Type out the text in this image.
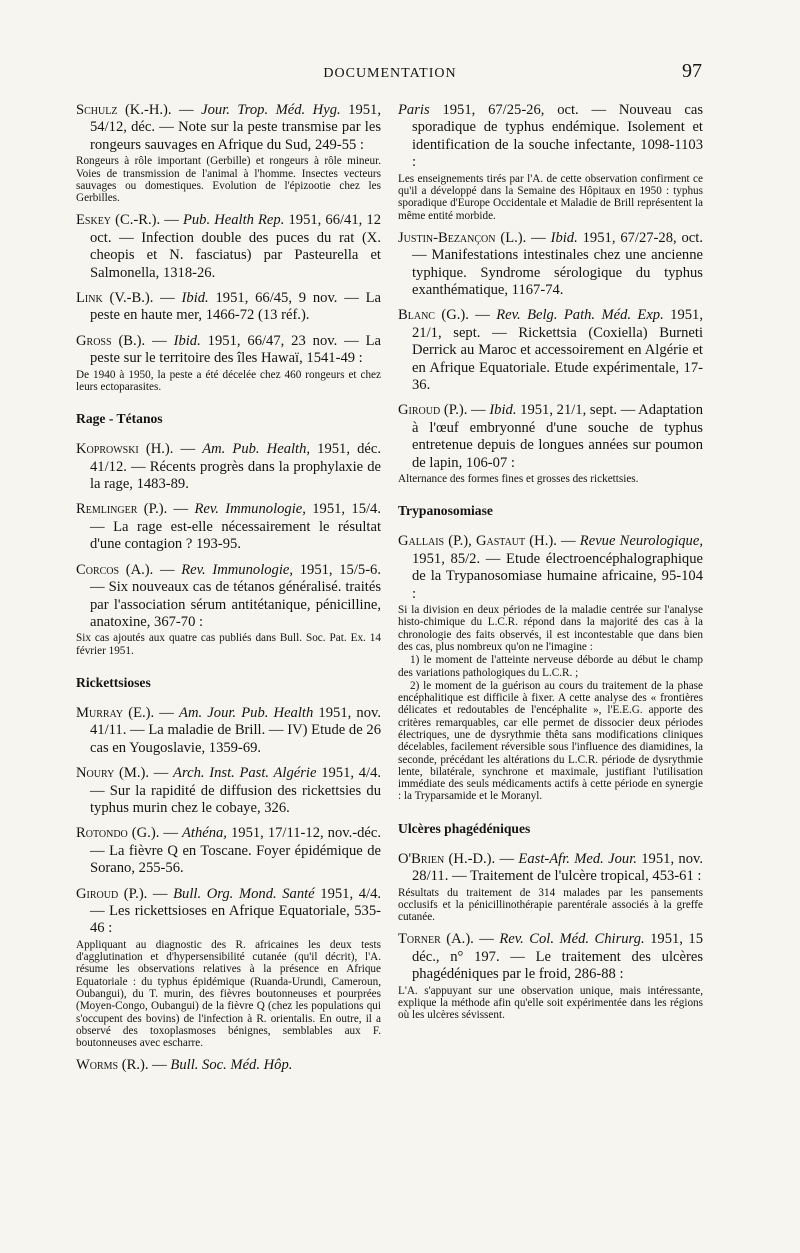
DOCUMENTATION	97
Schulz (K.-H.). — Jour. Trop. Méd. Hyg. 1951, 54/12, déc. — Note sur la peste transmise par les rongeurs sauvages en Afrique du Sud, 249-55 :
Rongeurs à rôle important (Gerbille) et rongeurs à rôle mineur. Voies de transmission de l'animal à l'homme. Insectes vecteurs sauvages ou domestiques. Evolution de l'épizootie chez les Gerbilles.
Eskey (C.-R.). — Pub. Health Rep. 1951, 66/41, 12 oct. — Infection double des puces du rat (X. cheopis et N. fasciatus) par Pasteurella et Salmonella, 1318-26.
Link (V.-B.). — Ibid. 1951, 66/45, 9 nov. — La peste en haute mer, 1466-72 (13 réf.).
Gross (B.). — Ibid. 1951, 66/47, 23 nov. — La peste sur le territoire des îles Hawaï, 1541-49 :
De 1940 à 1950, la peste a été décelée chez 460 rongeurs et chez leurs ectoparasites.
Rage - Tétanos
Koprowski (H.). — Am. Pub. Health, 1951, déc. 41/12. — Récents progrès dans la prophylaxie de la rage, 1483-89.
Remlinger (P.). — Rev. Immunologie, 1951, 15/4. — La rage est-elle nécessairement le résultat d'une contagion ? 193-95.
Corcos (A.). — Rev. Immunologie, 1951, 15/5-6. — Six nouveaux cas de tétanos généralisé. traités par l'association sérum antitétanique, pénicilline, anatoxine, 367-70 :
Six cas ajoutés aux quatre cas publiés dans Bull. Soc. Pat. Ex. 14 février 1951.
Rickettsioses
Murray (E.). — Am. Jour. Pub. Health 1951, nov. 41/11. — La maladie de Brill. — IV) Etude de 26 cas en Yougoslavie, 1359-69.
Noury (M.). — Arch. Inst. Past. Algérie 1951, 4/4. — Sur la rapidité de diffusion des rickettsies du typhus murin chez le cobaye, 326.
Rotondo (G.). — Athéna, 1951, 17/11-12, nov.-déc. — La fièvre Q en Toscane. Foyer épidémique de Sorano, 255-56.
Giroud (P.). — Bull. Org. Mond. Santé 1951, 4/4. — Les rickettsioses en Afrique Equatoriale, 535-46 :
Appliquant au diagnostic des R. africaines les deux tests d'agglutination et d'hypersensibilité cutanée (qu'il décrit), l'A. résume les observations relatives à la présence en Afrique Equatoriale : du typhus épidémique (Ruanda-Urundi, Cameroun, Oubangui), du T. murin, des fièvres boutonneuses et pourprées (Moyen-Congo, Oubangui) de la fièvre Q (chez les populations qui s'occupent des bovins) de l'infection à R. orientalis. En outre, il a observé des toxoplasmoses bénignes, semblables aux F. boutonneuses avec escharre.
Worms (R.). — Bull. Soc. Méd. Hôp.
Paris 1951, 67/25-26, oct. — Nouveau cas sporadique de typhus endémique. Isolement et identification de la souche infectante, 1098-1103 :
Les enseignements tirés par l'A. de cette observation confirment ce qu'il a développé dans la Semaine des Hôpitaux en 1950 : typhus sporadique d'Europe Occidentale et Maladie de Brill représentent la même entité morbide.
Justin-Bezançon (L.). — Ibid. 1951, 67/27-28, oct. — Manifestations intestinales chez une ancienne typhique. Syndrome sérologique du typhus exanthématique, 1167-74.
Blanc (G.). — Rev. Belg. Path. Méd. Exp. 1951, 21/1, sept. — Rickettsia (Coxiella) Burneti Derrick au Maroc et accessoirement en Algérie et en Afrique Equatoriale. Etude expérimentale, 17-36.
Giroud (P.). — Ibid. 1951, 21/1, sept. — Adaptation à l'œuf embryonné d'une souche de typhus entretenue depuis de longues années sur poumon de lapin, 106-07 :
Alternance des formes fines et grosses des rickettsies.
Trypanosomiase
Gallais (P.), Gastaut (H.). — Revue Neurologique, 1951, 85/2. — Etude électroencéphalographique de la Trypanosomiase humaine africaine, 95-104 :
Si la division en deux périodes de la maladie centrée sur l'analyse histo-chimique du L.C.R. répond dans la majorité des cas à la chronologie des faits observés, il est incontestable que dans bien des cas, plus nombreux qu'on ne l'imagine :
1) le moment de l'atteinte nerveuse déborde au début le champ des variations pathologiques du L.C.R. ;
2) le moment de la guérison au cours du traitement de la phase encéphalitique est difficile à fixer. A cette analyse des « frontières délicates et redoutables de l'encéphalite », l'E.E.G. apporte des critères remarquables, car elle permet de dissocier deux périodes électriques, une de dysrythmie thêta sans modifications cliniques décelables, facilement réversible sous l'influence des diamidines, la seconde, précédant les altérations du L.C.R. période de dysrythmie lente, bilatérale, synchrone et maximale, justifiant l'utilisation immédiate des seuls médicaments actifs à cette période en synergie : la Tryparsamide et le Moranyl.
Ulcères phagédéniques
O'Brien (H.-D.). — East-Afr. Med. Jour. 1951, nov. 28/11. — Traitement de l'ulcère tropical, 453-61 :
Résultats du traitement de 314 malades par les pansements occlusifs et la pénicillinothérapie parentérale associés à la greffe cutanée.
Torner (A.). — Rev. Col. Méd. Chirurg. 1951, 15 déc., n° 197. — Le traitement des ulcères phagédéniques par le froid, 286-88 :
L'A. s'appuyant sur une observation unique, mais intéressante, explique la méthode afin qu'elle soit expérimentée dans les régions où les ulcères sévissent.
